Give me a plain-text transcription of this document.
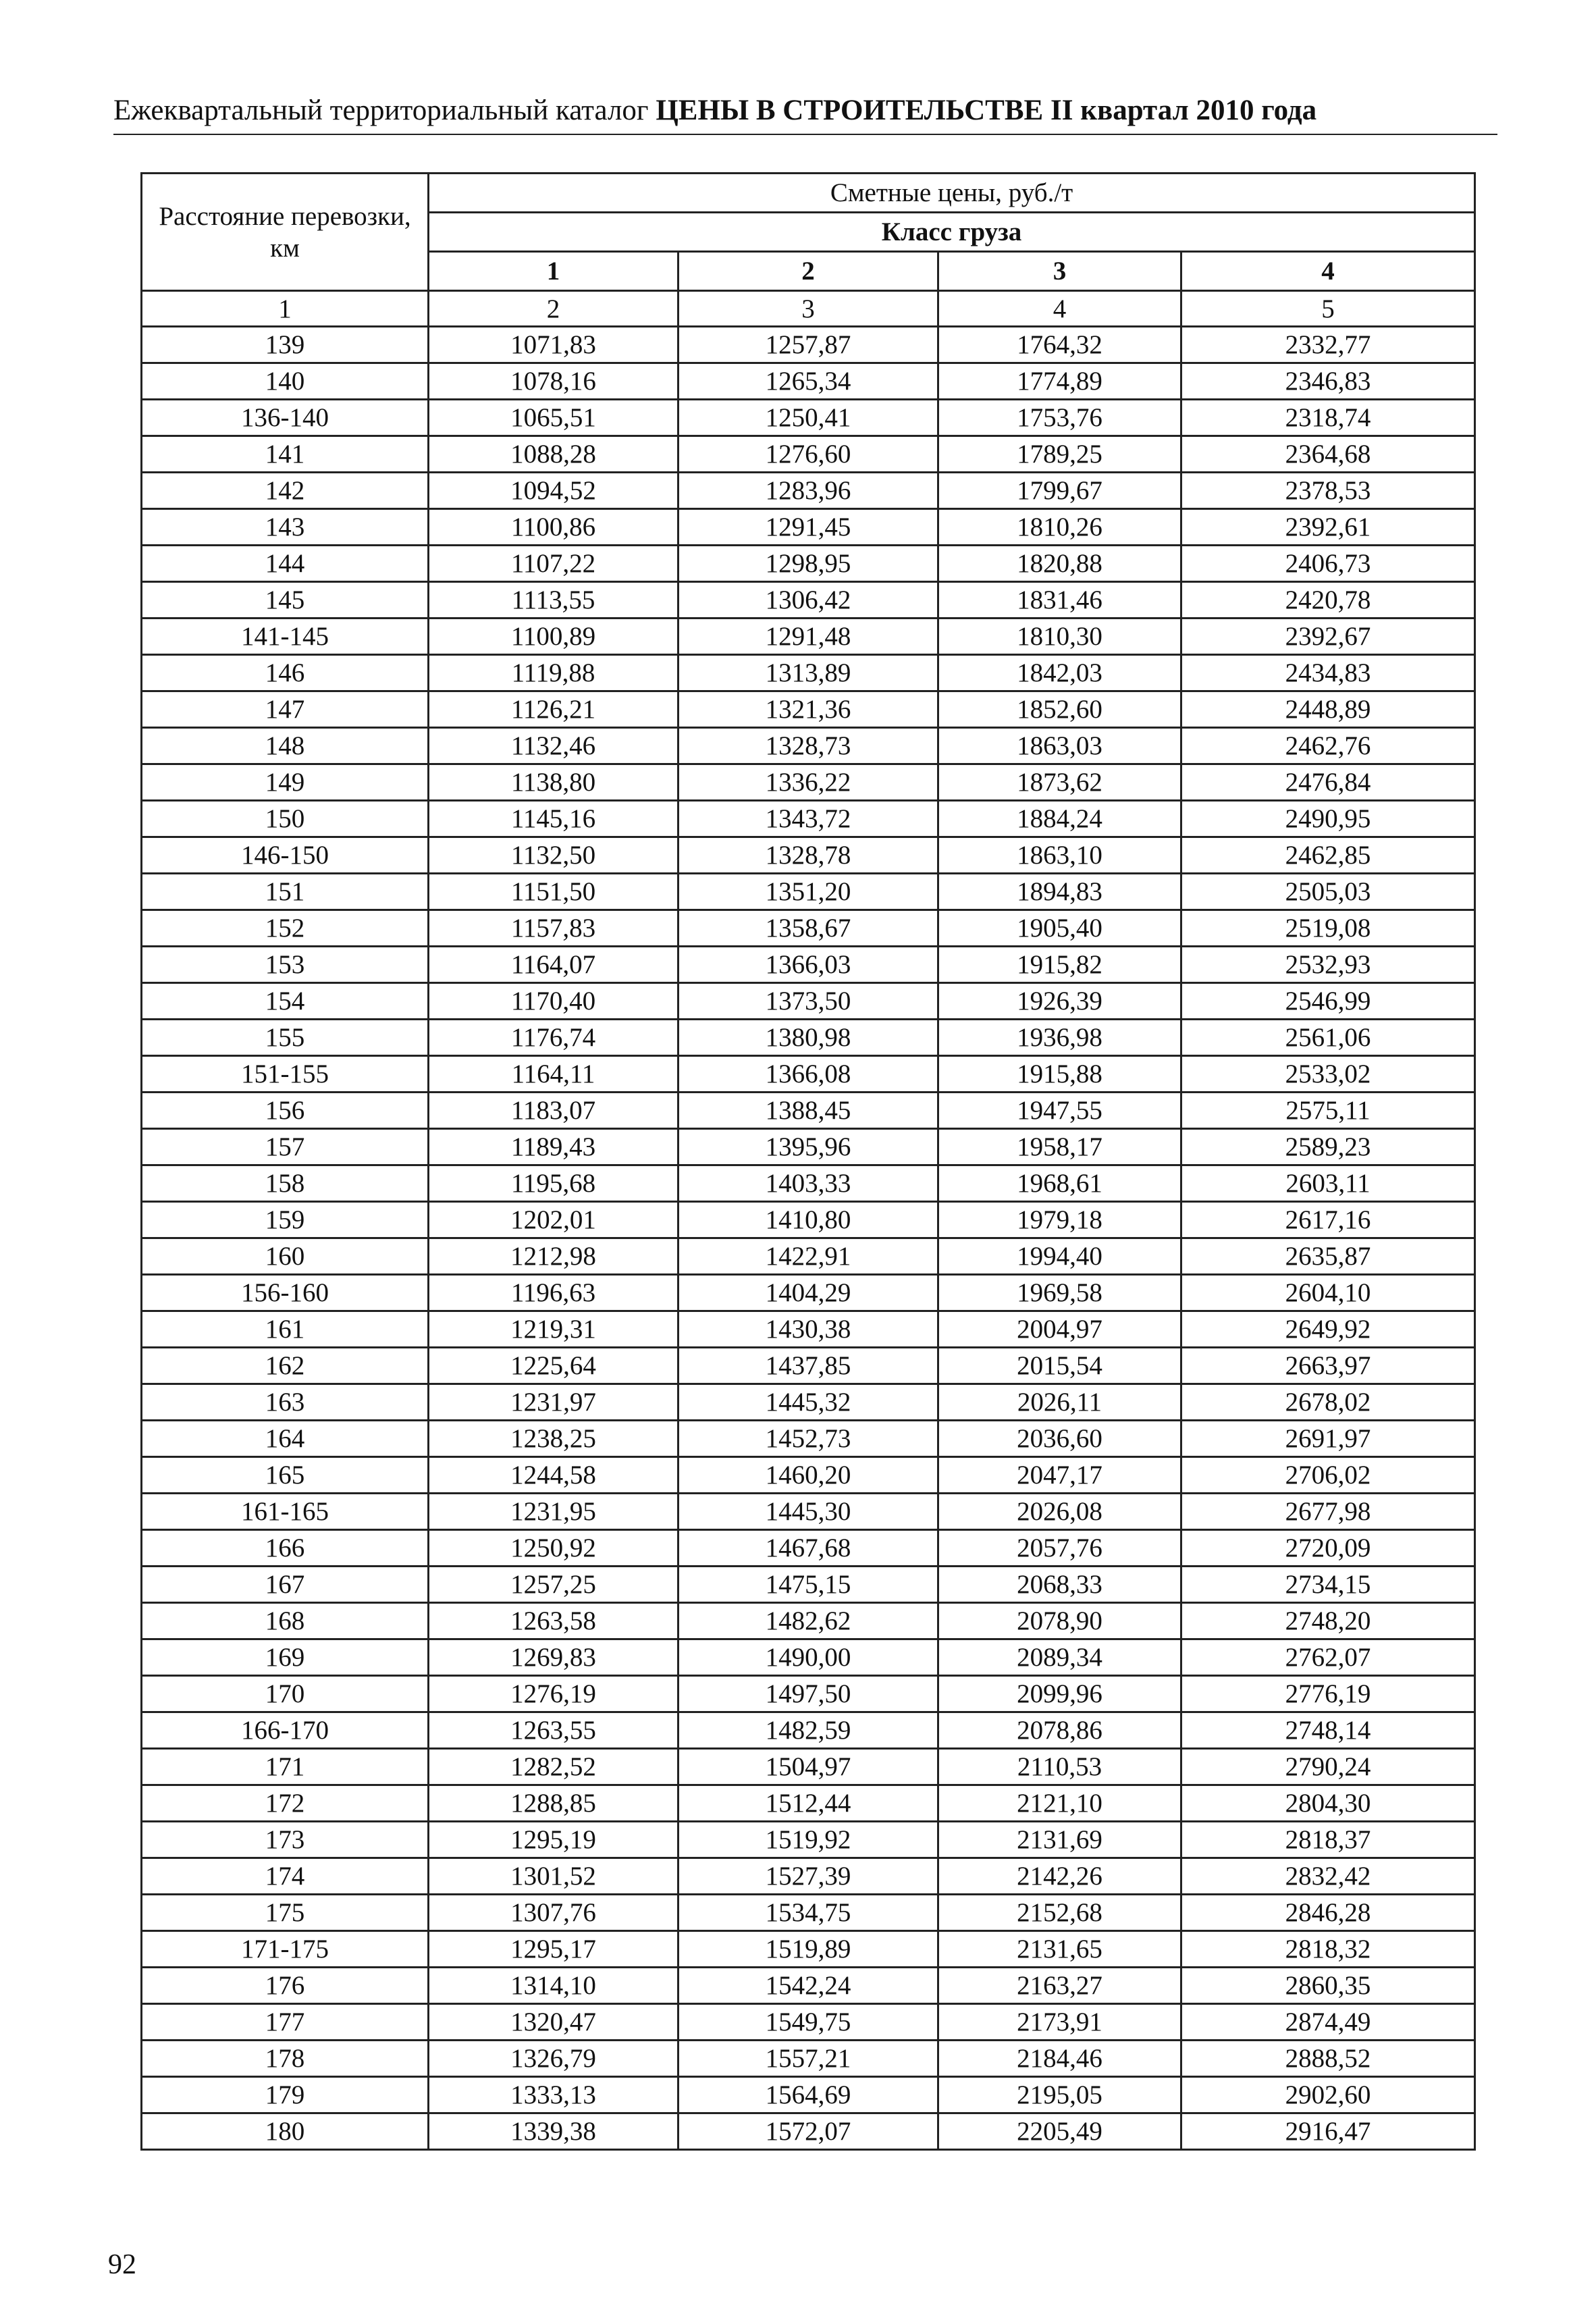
Ежеквартальный территориальный каталог ЦЕНЫ В СТРОИТЕЛЬСТВЕ II квартал 2010 года
Расстояние перевозки, км	Сметные цены, руб./т			
	Класс груза			
	1	2	3	4
1	2	3	4	5
139	1071,83	1257,87	1764,32	2332,77
140	1078,16	1265,34	1774,89	2346,83
136-140	1065,51	1250,41	1753,76	2318,74
141	1088,28	1276,60	1789,25	2364,68
142	1094,52	1283,96	1799,67	2378,53
143	1100,86	1291,45	1810,26	2392,61
144	1107,22	1298,95	1820,88	2406,73
145	1113,55	1306,42	1831,46	2420,78
141-145	1100,89	1291,48	1810,30	2392,67
146	1119,88	1313,89	1842,03	2434,83
147	1126,21	1321,36	1852,60	2448,89
148	1132,46	1328,73	1863,03	2462,76
149	1138,80	1336,22	1873,62	2476,84
150	1145,16	1343,72	1884,24	2490,95
146-150	1132,50	1328,78	1863,10	2462,85
151	1151,50	1351,20	1894,83	2505,03
152	1157,83	1358,67	1905,40	2519,08
153	1164,07	1366,03	1915,82	2532,93
154	1170,40	1373,50	1926,39	2546,99
155	1176,74	1380,98	1936,98	2561,06
151-155	1164,11	1366,08	1915,88	2533,02
156	1183,07	1388,45	1947,55	2575,11
157	1189,43	1395,96	1958,17	2589,23
158	1195,68	1403,33	1968,61	2603,11
159	1202,01	1410,80	1979,18	2617,16
160	1212,98	1422,91	1994,40	2635,87
156-160	1196,63	1404,29	1969,58	2604,10
161	1219,31	1430,38	2004,97	2649,92
162	1225,64	1437,85	2015,54	2663,97
163	1231,97	1445,32	2026,11	2678,02
164	1238,25	1452,73	2036,60	2691,97
165	1244,58	1460,20	2047,17	2706,02
161-165	1231,95	1445,30	2026,08	2677,98
166	1250,92	1467,68	2057,76	2720,09
167	1257,25	1475,15	2068,33	2734,15
168	1263,58	1482,62	2078,90	2748,20
169	1269,83	1490,00	2089,34	2762,07
170	1276,19	1497,50	2099,96	2776,19
166-170	1263,55	1482,59	2078,86	2748,14
171	1282,52	1504,97	2110,53	2790,24
172	1288,85	1512,44	2121,10	2804,30
173	1295,19	1519,92	2131,69	2818,37
174	1301,52	1527,39	2142,26	2832,42
175	1307,76	1534,75	2152,68	2846,28
171-175	1295,17	1519,89	2131,65	2818,32
176	1314,10	1542,24	2163,27	2860,35
177	1320,47	1549,75	2173,91	2874,49
178	1326,79	1557,21	2184,46	2888,52
179	1333,13	1564,69	2195,05	2902,60
180	1339,38	1572,07	2205,49	2916,47
92
